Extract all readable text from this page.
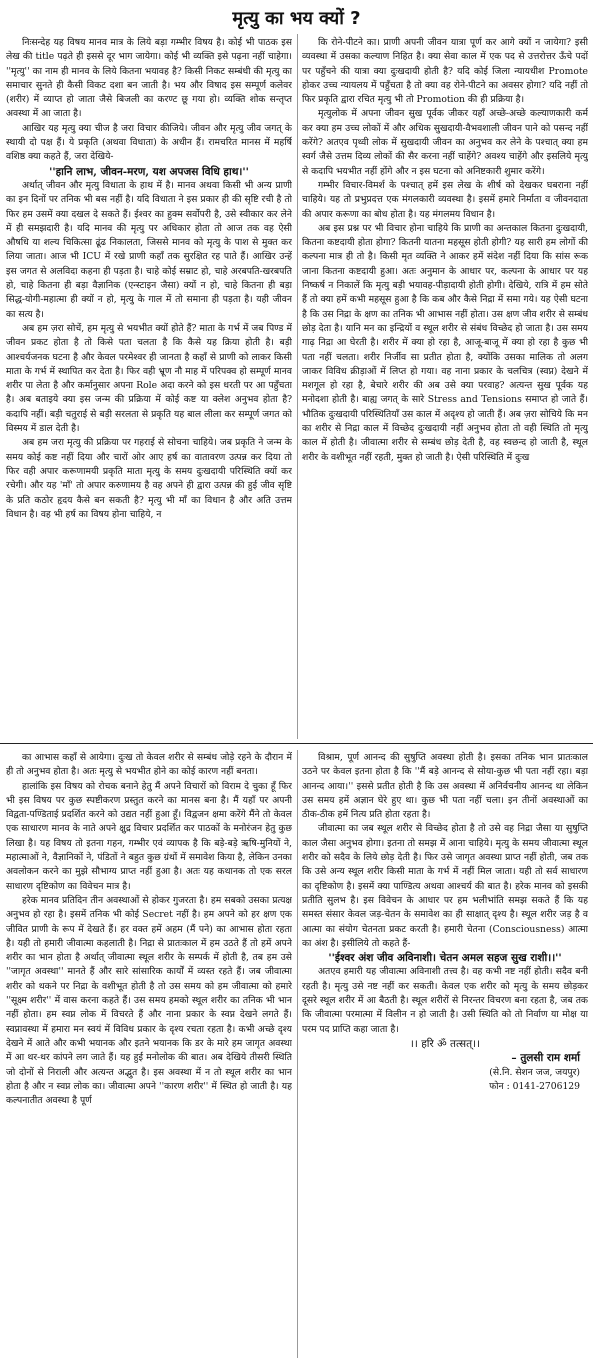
मृत्यु का भय क्यों ?

निःसन्देह यह विषय मानव मात्र के लिये बड़ा गम्भीर विषय है। कोई भी पाठक इस लेख की title पढ़ते ही इससे दूर भाग जायेगा। कोई भी व्यक्ति इसे पढ़ना नहीं चाहेगा। ''मृत्यु'' का नाम ही मानव के लिये कितना भयावह है? किसी निकट सम्बंधी की मृत्यु का समाचार सुनते ही कैसी विकट दशा बन जाती है। भय और विषाद इस सम्पूर्ण कलेवर (शरीर) में व्याप्त हो जाता जैसे बिजली का करण्ट छू गया हो। व्यक्ति शोक सन्तृप्त अवस्था में आ जाता है।

आखिर यह मृत्यु क्या चीज है जरा विचार कीजिये। जीवन और मृत्यु जीव जगत् के स्थायी दो पक्ष हैं। ये प्रकृति (अथवा विधाता) के अधीन हैं। रामचरित मानस में महर्षि वशिष्ठ क्या कहते हैं, जरा देखिये-

''हानि लाभ, जीवन-मरण, यश अपजस विधि हाथ।''

अर्थात् जीवन और मृत्यु विधाता के हाथ में है। मानव अथवा किसी भी अन्य प्राणी का इन दिनों पर तनिक भी बस नहीं है। यदि विधाता ने इस प्रकार ही की सृष्टि रची है तो फिर हम उसमें क्या दखल दे सकते हैं। ईश्वर का हुक्म सर्वोपरी है, उसे स्वीकार कर लेने में ही समझदारी है। यदि मानव की मृत्यु पर अधिकार होता तो आज तक वह ऐसी औषधि या शल्य चिकित्सा ढूंढ निकालता, जिससे मानव को मृत्यु के पाश से मुक्त कर लिया जाता। आज भी ICU में रखे प्राणी कहाँ तक सुरक्षित रह पाते हैं। आखिर उन्हें इस जगत से अलविदा कहना ही पड़ता है। चाहे कोई सम्राट हो, चाहे अरबपति-खरबपति हो, चाहे कितना ही बड़ा वैज्ञानिक (एन्स्टाइन जैसा) क्यों न हो, चाहे कितना ही बड़ा सिद्ध-योगी-महात्मा ही क्यों न हो, मृत्यु के गाल में तो समाना ही पड़ता है। यही जीवन का सत्य है।

अब हम ज़रा सोचें, हम मृत्यु से भयभीत क्यों होते हैं? माता के गर्भ में जब पिण्ड में जीवन प्रकट होता है तो किसे पता चलता है कि कैसे यह क्रिया होती है। बड़ी आश्चर्यजनक घटना है और केवल परमेश्वर ही जानता है कहाँ से प्राणी को लाकर किसी माता के गर्भ में स्थापित कर देता है। फिर वही भ्रूण नौ माह में परिपक्व हो सम्पूर्ण मानव शरीर पा लेता है और कर्मानुसार अपना Role अदा करने को इस धरती पर आ पहुँचता है। अब बताइये क्या इस जन्म की प्रक्रिया में कोई कष्ट या क्लेश अनुभव होता है? कदापि नहीं। बड़ी चतुराई से बड़ी सरलता से प्रकृति यह बाल लीला कर सम्पूर्ण जगत को विस्मय में डाल देती है।

अब हम जरा मृत्यु की प्रक्रिया पर गहराई से सोचना चाहिये। जब प्रकृति ने जन्म के समय कोई कष्ट नहीं दिया और चारों ओर आए हर्ष का वातावरण उत्पन्न कर दिया तो फिर वही अपार करूणामयी प्रकृति माता मृत्यु के समय दुःखदायी परिस्थिति क्यों कर रचेगी। और यह 'माँ' तो अपार करुणामय है वह अपने ही द्वारा उत्पन्न की हुई जीव सृष्टि के प्रति कठोर हृदय कैसे बन सकती है? मृत्यु भी माँ का विधान है और अति उत्तम विधान है। वह भी हर्ष का विषय होना चाहिये, न

कि रोने-पीटने का। प्राणी अपनी जीवन यात्रा पूर्ण कर आगे क्यों न जायेगा? इसी व्यवस्था में उसका कल्याण निहित है। क्या सेवा काल में एक पद से उत्तरोत्तर ऊँचे पदों पर पहुँचने की यात्रा क्या दुःखदायी होती है? यदि कोई जिला न्यायधीश Promote होकर उच्च न्यायलय में पहुँचता है तो क्या वह रोने-पीटने का अवसर होगा? यदि नहीं तो फिर प्रकृति द्वारा रचित मृत्यु भी तो Promotion की ही प्रक्रिया है।

मृत्युलोक में अपना जीवन सुख पूर्वक जीकर यहाँ अच्छे-अच्छे कल्याणकारी कर्म कर क्या हम उच्च लोकों में और अधिक सुखदायी-वैभवशाली जीवन पाने को पसन्द नहीं करेंगे? अतएव पृथ्वी लोक में सुखदायी जीवन का अनुभव कर लेने के पश्चात् क्या हम स्वर्ग जैसे उत्तम दिव्य लोकों की सैर करना नहीं चाहेंगे? अवश्य चाहेंगे और इसलिये मृत्यु से कदापि भयभीत नहीं होंगे और न इस घटना को अनिष्टकारी शुमार करेंगे।

गम्भीर विचार-विमर्श के पश्चात् हमें इस लेख के शीर्ष को देखकर घबराना नहीं चाहिये। यह तो प्रभुप्रदत्त एक मंगलकारी व्यवस्था है। इसमें हमारे निर्माता व जीवनदाता की अपार करूणा का बोध होता है। यह मंगलमय विधान है।

अब इस प्रश्न पर भी विचार होना चाहिये कि प्राणी का अन्तकाल कितना दुःखदायी, कितना कष्टदायी होता होगा? कितनी यातना महसूस होती होगी? यह सारी हम लोगों की कल्पना मात्र ही तो है। किसी मृत व्यक्ति ने आकर हमें संदेश नहीं दिया कि सांस रूक जाना कितना कष्टदायी हुआ। अतः अनुमान के आधार पर, कल्पना के आधार पर यह निष्कर्ष न निकालें कि मृत्यु बड़ी भयावह-पीड़ादायी होती होगी। देखिये, रात्रि में हम सोते हैं तो क्या हमें कभी महसूस हुआ है कि कब और कैसे निद्रा में समा गये। यह ऐसी घटना है कि उस निद्रा के क्षण का तनिक भी आभास नहीं होता। उस क्षण जीव शरीर से सम्बंध छोड़ देता है। यानि मन का इन्द्रियों व स्थूल शरीर से संबंध विच्छेद हो जाता है। उस समय गाढ़ निद्रा आ घेरती है। शरीर में क्या हो रहा है, आजू-बाजू में क्या हो रहा है कुछ भी पता नहीं चलता। शरीर निर्जीव सा प्रतीत होता है, क्योंकि उसका मालिक तो अलग जाकर विविध क्रीड़ाओं में लिप्त हो गया। वह नाना प्रकार के चलचित्र (स्वप्न) देखने में मशगूल हो रहा है, बेचारे शरीर की अब उसे क्या परवाह? अत्यन्त सुख पूर्वक यह मनोदशा होती है। बाह्य जगत् के सारे Stress and Tensions समाप्त हो जाते हैं। भौतिक दुःखदायी परिस्थितियाँ उस काल में अदृश्य हो जाती हैं। अब ज़रा सोचिये कि मन का शरीर से निद्रा काल में विच्छेद दुःखदायी नहीं अनुभव होता तो वही स्थिति तो मृत्यु काल में होती है। जीवात्मा शरीर से सम्बंध छोड़ देती है, वह स्वछन्द हो जाती है, स्थूल शरीर के वशीभूत नहीं रहती, मुक्त हो जाती है। ऐसी परिस्थिति में दुःख

का आभास कहाँ से आयेगा। दुःख तो केवल शरीर से सम्बंध जोड़े रहने के दौरान में ही तो अनुभव होता है। अतः मृत्यु से भयभीत होने का कोई कारण नहीं बनता।

हालांकि इस विषय को रोचक बनाने हेतु मैं अपने विचारों को विराम दे चुका हूँ फिर भी इस विषय पर कुछ स्पष्टीकरण प्रस्तुत करने का मानस बना है। मैं यहाँ पर अपनी विद्वता-पण्डिताई प्रदर्शित करने को उद्यत नहीं हुआ हूँ। विद्वजन क्षमा करेंगे मैंने तो केवल एक साधारण मानव के नाते अपने क्षुद्र विचार प्रदर्शित कर पाठकों के मनोरंजन हेतु कुछ लिखा है। यह विषय तो इतना गहन, गम्भीर एवं व्यापक है कि बड़े-बड़े ऋषि-मुनियों ने, महात्माओं ने, वैज्ञानिकों ने, पंडितों ने बहुत कुछ ग्रंथों में समावेश किया है, लेकिन उनका अवलोकन करने का मुझे सौभाग्य प्राप्त नहीं हुआ है। अतः यह कथानक तो एक सरल साधारण दृष्टिकोण का विवेचन मात्र है।

हरेक मानव प्रतिदिन तीन अवस्थाओं से होकर गुजरता है। हम सबको उसका प्रत्यक्ष अनुभव हो रहा है। इसमें तनिक भी कोई Secret नहीं है। हम अपने को हर क्षण एक जीवित प्राणी के रूप में देखते हैं। हर वक्त हमें अहम (मैं पने) का आभास होता रहता है। यही तो हमारी जीवात्मा कहलाती है। निद्रा से प्रातःकाल में हम उठते हैं तो हमें अपने शरीर का भान होता है अर्थात् जीवात्मा स्थूल शरीर के सम्पर्क में होती है, तब हम उसे ''जागृत अवस्था'' मानते हैं और सारे सांसारिक कार्यों में व्यस्त रहते हैं। जब जीवात्मा शरीर को थकने पर निद्रा के वशीभूत होती है तो उस समय को हम जीवात्मा को हमारे ''सूक्ष्म शरीर'' में वास करना कहते हैं। उस समय हमको स्थूल शरीर का तनिक भी भान नहीं होता। हम स्वप्न लोक में विचरते हैं और नाना प्रकार के स्वप्न देखने लगते हैं। स्वप्नावस्था में हमारा मन स्वयं में विविध प्रकार के दृश्य रचता रहता है। कभी अच्छे दृश्य देखने में आते और कभी भयानक और इतने भयानक कि डर के मारे हम जागृत अवस्था में आ थर-थर कांपने लग जाते हैं। यह हुई मनोलोक की बात। अब देखिये तीसरी स्थिति जो दोनों से निराली और अत्यन्त अद्भुत है। इस अवस्था में न तो स्थूल शरीर का भान होता है और न स्वप्न लोक का। जीवात्मा अपने ''कारण शरीर'' में स्थित हो जाती है। यह कल्पनातीत अवस्था है पूर्ण

विश्राम, पूर्ण आनन्द की सुषुप्ति अवस्था होती है। इसका तनिक भान प्रातःकाल उठने पर केवल इतना होता है कि ''मैं बड़े आनन्द से सोया-कुछ भी पता नहीं रहा। बड़ा आनन्द आया।'' इससे प्रतीत होती है कि उस अवस्था में अनिर्वचनीय आनन्द था लेकिन उस समय हमें अज्ञान घेरे हुए था। कुछ भी पता नहीं चला। इन तीनों अवस्थाओं का ठीक-ठीक हमें नित्य प्रति होता रहता है।

जीवात्मा का जब स्थूल शरीर से विच्छेद होता है तो उसे वह निद्रा जैसा या सुषुप्ति काल जैसा अनुभव होगा। इतना तो समझ में आना चाहिये। मृत्यु के समय जीवात्मा स्थूल शरीर को सदैव के लिये छोड़ देती है। फिर उसे जागृत अवस्था प्राप्त नहीं होती, जब तक कि उसे अन्य स्थूल शरीर किसी माता के गर्भ में नहीं मिल जाता। यही तो सर्व साधारण का दृष्टिकोण है। इसमें क्या पाण्डित्य अथवा आश्चर्य की बात है। हरेक मानव को इसकी प्रतीति सुलभ है। इस विवेचन के आधार पर हम भलीभांति समझ सकते हैं कि यह समस्त संसार केवल जड़-चेतन के समावेश का ही साक्षात् दृश्य है। स्थूल शरीर जड़ है व आत्मा का संयोग चेतनता प्रकट करती है। हमारी चेतना (Consciousness) आत्मा का अंश है। इसीलिये तो कहते हैं-

''ईश्वर अंश जीव अविनाशी। चेतन अमल सहज सुख राशी।।''

अतएव हमारी यह जीवात्मा अविनाशी तत्त्व है। वह कभी नष्ट नहीं होती। सदैव बनी रहती है। मृत्यु उसे नष्ट नहीं कर सकती। केवल एक शरीर को मृत्यु के समय छोड़कर दूसरे स्थूल शरीर में आ बैठती है। स्थूल शरीरों से निरन्तर विचरण बना रहता है, जब तक कि जीवात्मा परमात्मा में विलीन न हो जाती है। उसी स्थिति को तो निर्वाण या मोक्ष या परम पद प्राप्ति कहा जाता है।

।। हरि ॐ तत्सत्।।

– तुलसी राम शर्मा
(से.नि. सेशन जज, जयपुर)
फोन : 0141-2706129
